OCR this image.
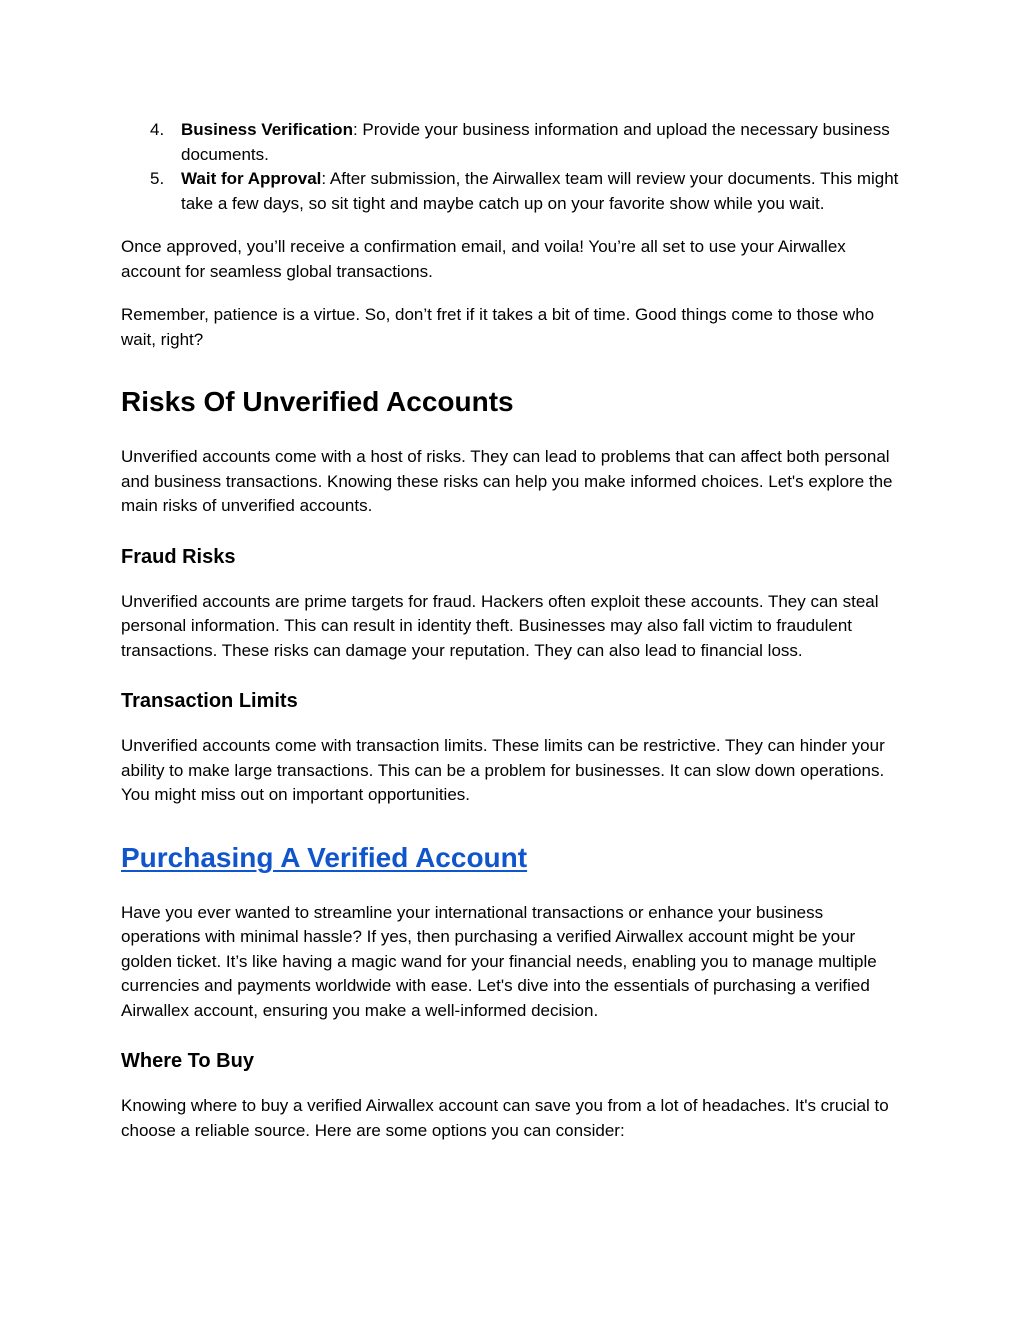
4. Business Verification: Provide your business information and upload the necessary business documents.
5. Wait for Approval: After submission, the Airwallex team will review your documents. This might take a few days, so sit tight and maybe catch up on your favorite show while you wait.

Once approved, you’ll receive a confirmation email, and voila! You’re all set to use your Airwallex account for seamless global transactions.

Remember, patience is a virtue. So, don’t fret if it takes a bit of time. Good things come to those who wait, right?

Risks Of Unverified Accounts

Unverified accounts come with a host of risks. They can lead to problems that can affect both personal and business transactions. Knowing these risks can help you make informed choices. Let's explore the main risks of unverified accounts.

Fraud Risks

Unverified accounts are prime targets for fraud. Hackers often exploit these accounts. They can steal personal information. This can result in identity theft. Businesses may also fall victim to fraudulent transactions. These risks can damage your reputation. They can also lead to financial loss.

Transaction Limits

Unverified accounts come with transaction limits. These limits can be restrictive. They can hinder your ability to make large transactions. This can be a problem for businesses. It can slow down operations. You might miss out on important opportunities.

Purchasing A Verified Account

Have you ever wanted to streamline your international transactions or enhance your business operations with minimal hassle? If yes, then purchasing a verified Airwallex account might be your golden ticket. It’s like having a magic wand for your financial needs, enabling you to manage multiple currencies and payments worldwide with ease. Let's dive into the essentials of purchasing a verified Airwallex account, ensuring you make a well-informed decision.

Where To Buy

Knowing where to buy a verified Airwallex account can save you from a lot of headaches. It's crucial to choose a reliable source. Here are some options you can consider:
